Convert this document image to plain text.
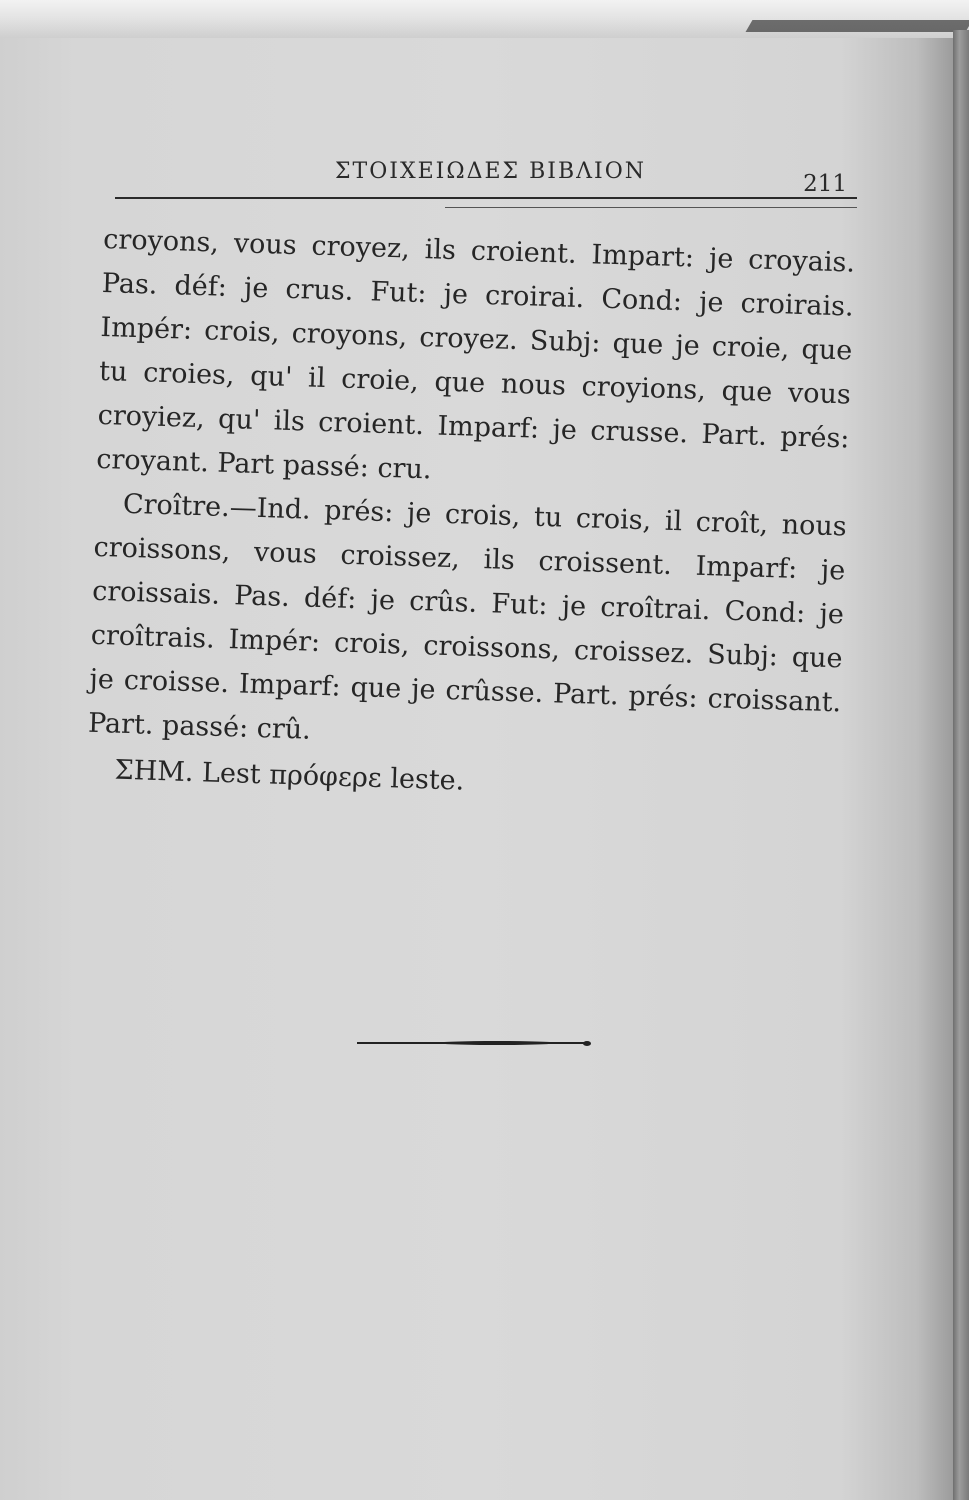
ΣΤΟΙΧΕΙΩΔΕΣ ΒΙΒΛΙΟΝ	211

croyons, vous croyez, ils croient. Impart: je croyais. Pas. déf: je crus. Fut: je croirai. Cond: je croirais. Impér: crois, croyons, croyez. Subj: que je croie, que tu croies, qu' il croie, que nous croyions, que vous croyiez, qu' ils croient. Imparf: je crusse. Part. prés: croyant. Part passé: cru.

Croître.—Ind. prés: je crois, tu crois, il croît, nous croissons, vous croissez, ils croissent. Imparf: je croissais. Pas. déf: je crûs. Fut: je croîtrai. Cond: je croîtrais. Impér: crois, croissons, croissez. Subj: que je croisse. Imparf: que je crûsse. Part. prés: croissant. Part. passé: crû.

ΣΗΜ. Lest πρόφερε leste.
